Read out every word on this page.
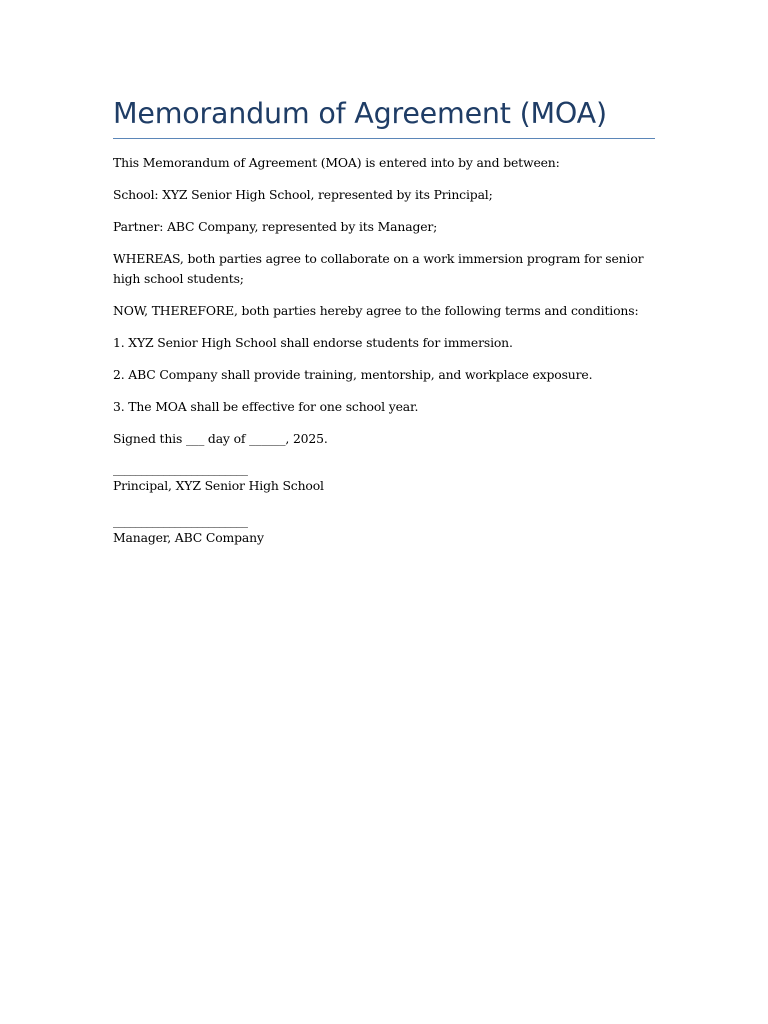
Memorandum of Agreement (MOA)

This Memorandum of Agreement (MOA) is entered into by and between:

School: XYZ Senior High School, represented by its Principal;

Partner: ABC Company, represented by its Manager;

WHEREAS, both parties agree to collaborate on a work immersion program for senior high school students;

NOW, THEREFORE, both parties hereby agree to the following terms and conditions:

1. XYZ Senior High School shall endorse students for immersion.

2. ABC Company shall provide training, mentorship, and workplace exposure.

3. The MOA shall be effective for one school year.

Signed this ___ day of ______, 2025.

________________________

Principal, XYZ Senior High School

________________________

Manager, ABC Company
